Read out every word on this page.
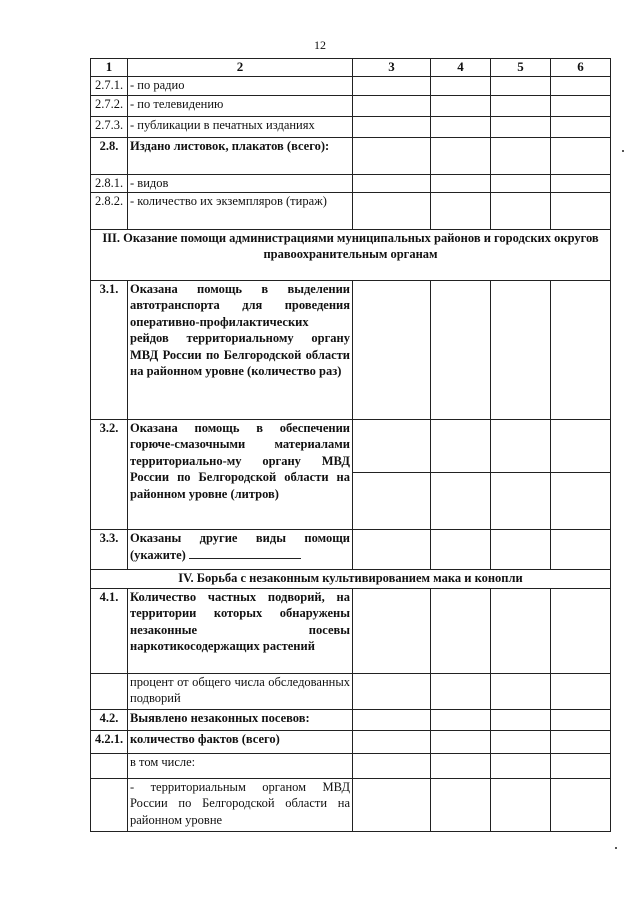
12
1	2	3	4	5	6
2.7.1.	- по радио				
2.7.2.	- по телевидению				
2.7.3.	- публикации в печатных изданиях				
2.8.	Издано листовок, плакатов (всего):				
2.8.1.	- видов				
2.8.2.	- количество их экземпляров (тираж)				
III. Оказание помощи администрациями муниципальных районов и городских округов правоохранительным органам					
3.1.	Оказана помощь в выделении автотранспорта для проведения оперативно-профилактических рейдов территориальному органу МВД России по Белгородской области на районном уровне (количество раз)				
3.2.	Оказана помощь в обеспечении горюче-смазочными материалами территориально-му органу МВД России по Белгородской области на районном уровне (литров)				

3.3.	Оказаны другие виды помощи (укажите)				
IV. Борьба с незаконным культивированием мака и конопли					
4.1.	Количество частных подворий, на территории которых обнаружены незаконные посевы наркотикосодержащих растений				
	процент от общего числа обследованных подворий				
4.2.	Выявлено незаконных посевов:				
4.2.1.	количество фактов (всего)				
	в том числе:				
	- территориальным органом МВД России по Белгородской области на районном уровне				
